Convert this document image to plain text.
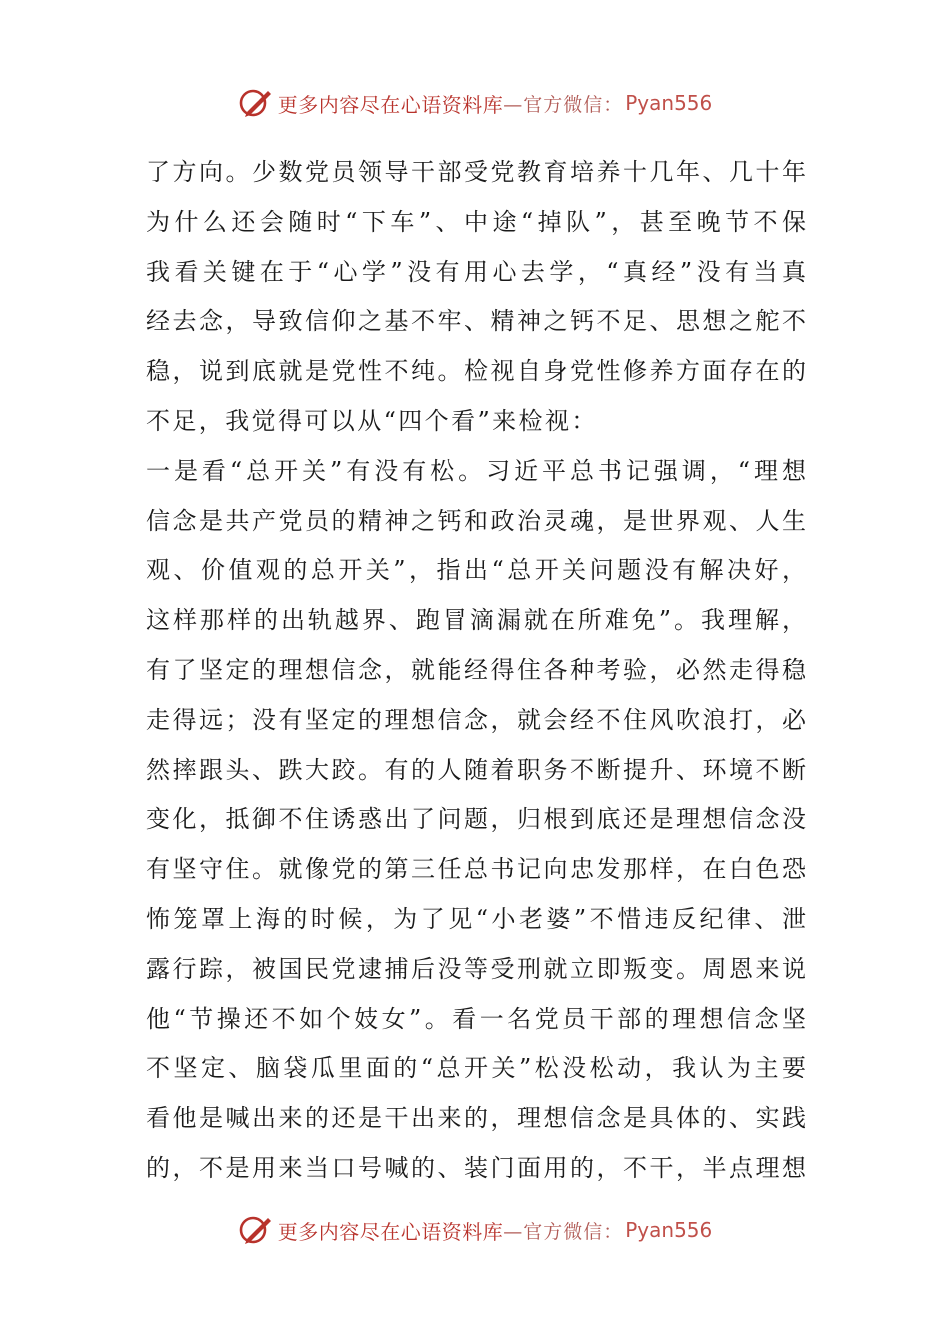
更多内容尽在心语资料库 —官方微信： Pyan556
了方向。少数党员领导干部受党教育培养十几年、几十年
为什么还会随时“下车”、中途“掉队”，甚至晚节不保
我看关键在于“心学”没有用心去学，“真经”没有当真
经去念，导致信仰之基不牢、精神之钙不足、思想之舵不
稳，说到底就是党性不纯。检视自身党性修养方面存在的
不足，我觉得可以从“四个看”来检视：
一是看“总开关”有没有松。习近平总书记强调，“理想
信念是共产党员的精神之钙和政治灵魂，是世界观、人生
观、价值观的总开关”，指出“总开关问题没有解决好，
这样那样的出轨越界、跑冒滴漏就在所难免”。我理解，
有了坚定的理想信念，就能经得住各种考验，必然走得稳
走得远；没有坚定的理想信念，就会经不住风吹浪打，必
然摔跟头、跌大跤。有的人随着职务不断提升、环境不断
变化，抵御不住诱惑出了问题，归根到底还是理想信念没
有坚守住。就像党的第三任总书记向忠发那样，在白色恐
怖笼罩上海的时候，为了见“小老婆”不惜违反纪律、泄
露行踪，被国民党逮捕后没等受刑就立即叛变。周恩来说
他“节操还不如个妓女”。看一名党员干部的理想信念坚
不坚定、脑袋瓜里面的“总开关”松没松动，我认为主要
看他是喊出来的还是干出来的，理想信念是具体的、实践
的，不是用来当口号喊的、装门面用的，不干，半点理想
更多内容尽在心语资料库 —官方微信： Pyan556
